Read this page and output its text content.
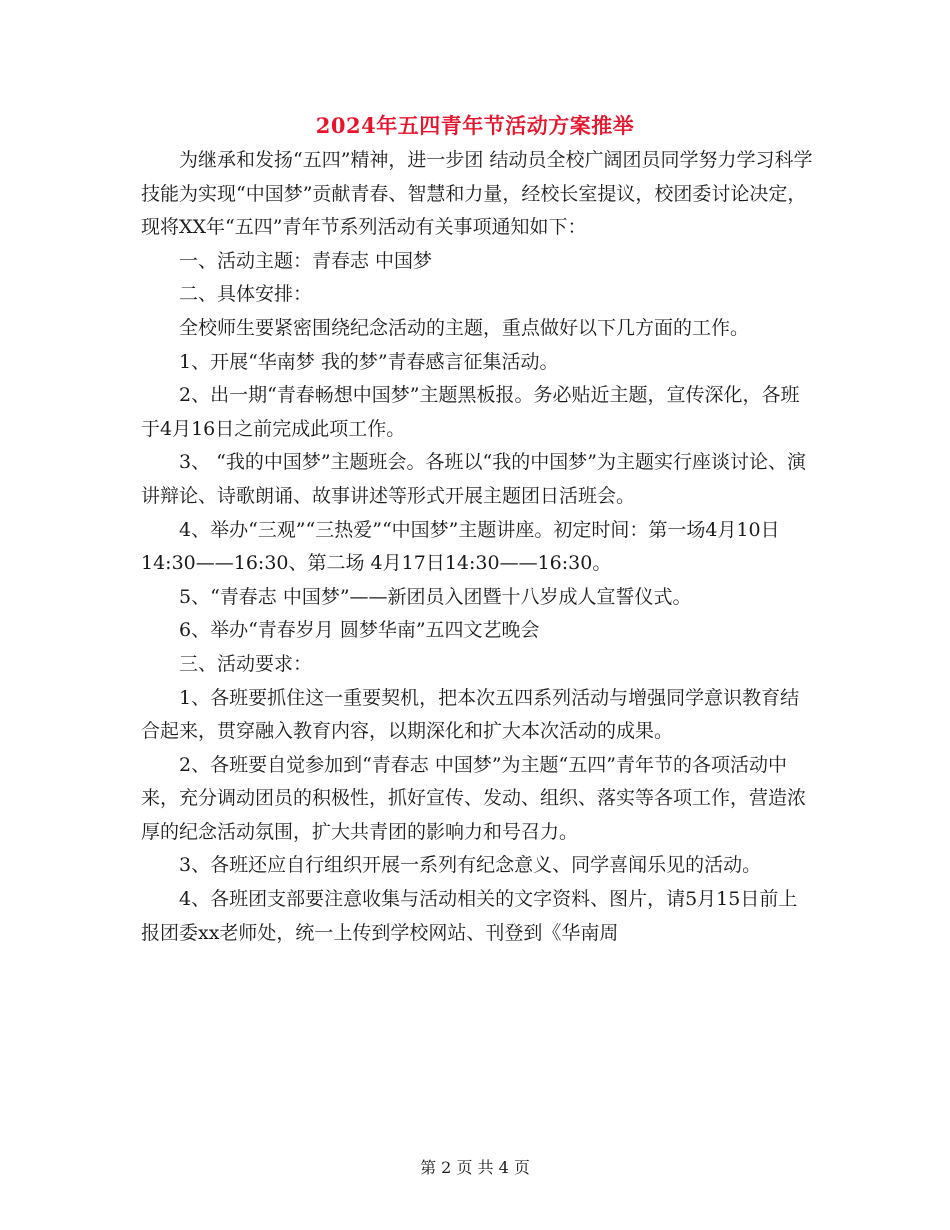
2024年五四青年节活动方案推举

为继承和发扬“五四”精神，进一步团 结动员全校广阔团员同学努力学习科学技能为实现“中国梦”贡献青春、智慧和力量，经校长室提议，校团委讨论决定，现将XX年“五四”青年节系列活动有关事项通知如下：

一、活动主题：青春志 中国梦

二、具体安排：

全校师生要紧密围绕纪念活动的主题，重点做好以下几方面的工作。

1、开展“华南梦 我的梦”青春感言征集活动。

2、出一期“青春畅想中国梦”主题黑板报。务必贴近主题，宣传深化，各班于4月16日之前完成此项工作。

3、 “我的中国梦”主题班会。各班以“我的中国梦”为主题实行座谈讨论、演讲辩论、诗歌朗诵、故事讲述等形式开展主题团日活班会。

4、举办“三观”“三热爱”“中国梦”主题讲座。初定时间：第一场4月10日14:30——16:30、第二场 4月17日14:30——16:30。

5、“青春志 中国梦”——新团员入团暨十八岁成人宣誓仪式。

6、举办“青春岁月 圆梦华南”五四文艺晚会

三、活动要求：

1、各班要抓住这一重要契机，把本次五四系列活动与增强同学意识教育结合起来，贯穿融入教育内容，以期深化和扩大本次活动的成果。

2、各班要自觉参加到“青春志 中国梦”为主题“五四”青年节的各项活动中来，充分调动团员的积极性，抓好宣传、发动、组织、落实等各项工作，营造浓厚的纪念活动氛围，扩大共青团的影响力和号召力。

3、各班还应自行组织开展一系列有纪念意义、同学喜闻乐见的活动。

4、各班团支部要注意收集与活动相关的文字资料、图片，请5月15日前上报团委xx老师处，统一上传到学校网站、刊登到《华南周

第 2 页 共 4 页
